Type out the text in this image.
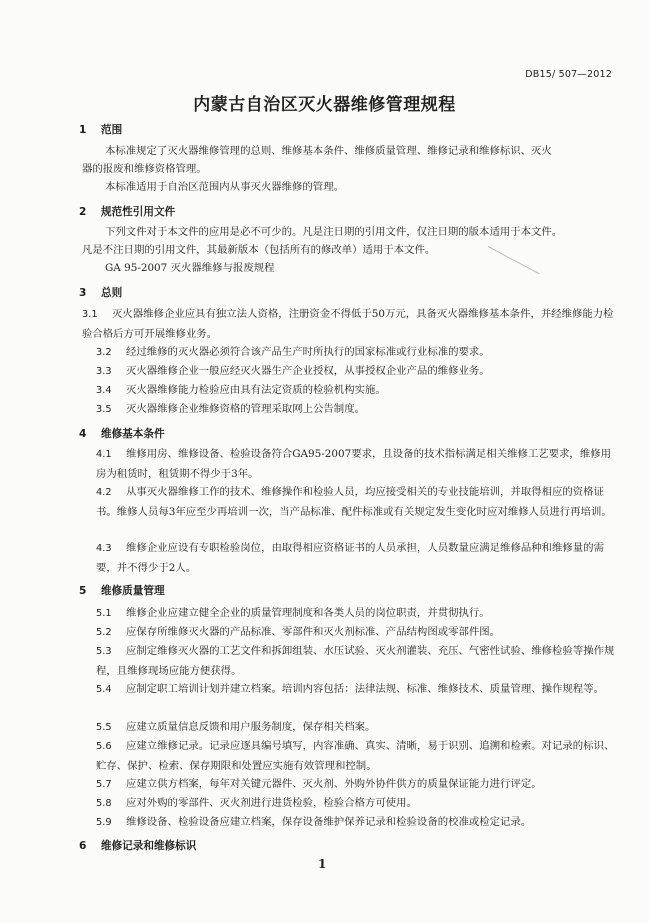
DB15/ 507—2012
内蒙古自治区灭火器维修管理规程
1 范围
本标准规定了灭火器维修管理的总则、维修基本条件、维修质量管理、维修记录和维修标识、灭火
器的报废和维修资格管理。
本标准适用于自治区范围内从事灭火器维修的管理。
2 规范性引用文件
下列文件对于本文件的应用是必不可少的。凡是注日期的引用文件，仅注日期的版本适用于本文件。
凡是不注日期的引用文件，其最新版本（包括所有的修改单）适用于本文件。
GA 95-2007 灭火器维修与报废规程
3 总则
3.1 灭火器维修企业应具有独立法人资格，注册资金不得低于50万元，具备灭火器维修基本条件，并经维修能力检验合格后方可开展维修业务。
3.2 经过维修的灭火器必须符合该产品生产时所执行的国家标准或行业标准的要求。
3.3 灭火器维修企业一般应经灭火器生产企业授权，从事授权企业产品的维修业务。
3.4 灭火器维修能力检验应由具有法定资质的检验机构实施。
3.5 灭火器维修企业维修资格的管理采取网上公告制度。
4 维修基本条件
4.1 维修用房、维修设备、检验设备符合GA95-2007要求，且设备的技术指标满足相关维修工艺要求，维修用房为租赁时，租赁期不得少于3年。
4.2 从事灭火器维修工作的技术、维修操作和检验人员，均应接受相关的专业技能培训，并取得相应的资格证书。维修人员每3年应至少再培训一次，当产品标准、配件标准或有关规定发生变化时应对维修人员进行再培训。
4.3 维修企业应设有专职检验岗位，由取得相应资格证书的人员承担，人员数量应满足维修品种和维修量的需要，并不得少于2人。
5 维修质量管理
5.1 维修企业应建立健全企业的质量管理制度和各类人员的岗位职责，并贯彻执行。
5.2 应保存所维修灭火器的产品标准、零部件和灭火剂标准、产品结构图或零部件图。
5.3 应制定维修灭火器的工艺文件和拆卸组装、水压试验、灭火剂灌装、充压、气密性试验、维修检验等操作规程，且维修现场应能方便获得。
5.4 应制定职工培训计划并建立档案。培训内容包括：法律法规、标准、维修技术、质量管理、操作规程等。
5.5 应建立质量信息反馈和用户服务制度，保存相关档案。
5.6 应建立维修记录。记录应逐具编号填写，内容准确、真实、清晰，易于识别、追溯和检索。对记录的标识、贮存、保护、检索、保存期限和处置应实施有效管理和控制。
5.7 应建立供方档案，每年对关键元器件、灭火剂、外购外协件供方的质量保证能力进行评定。
5.8 应对外购的零部件、灭火剂进行进货检验，检验合格方可使用。
5.9 维修设备、检验设备应建立档案，保存设备维护保养记录和检验设备的校准或检定记录。
6 维修记录和维修标识
1
